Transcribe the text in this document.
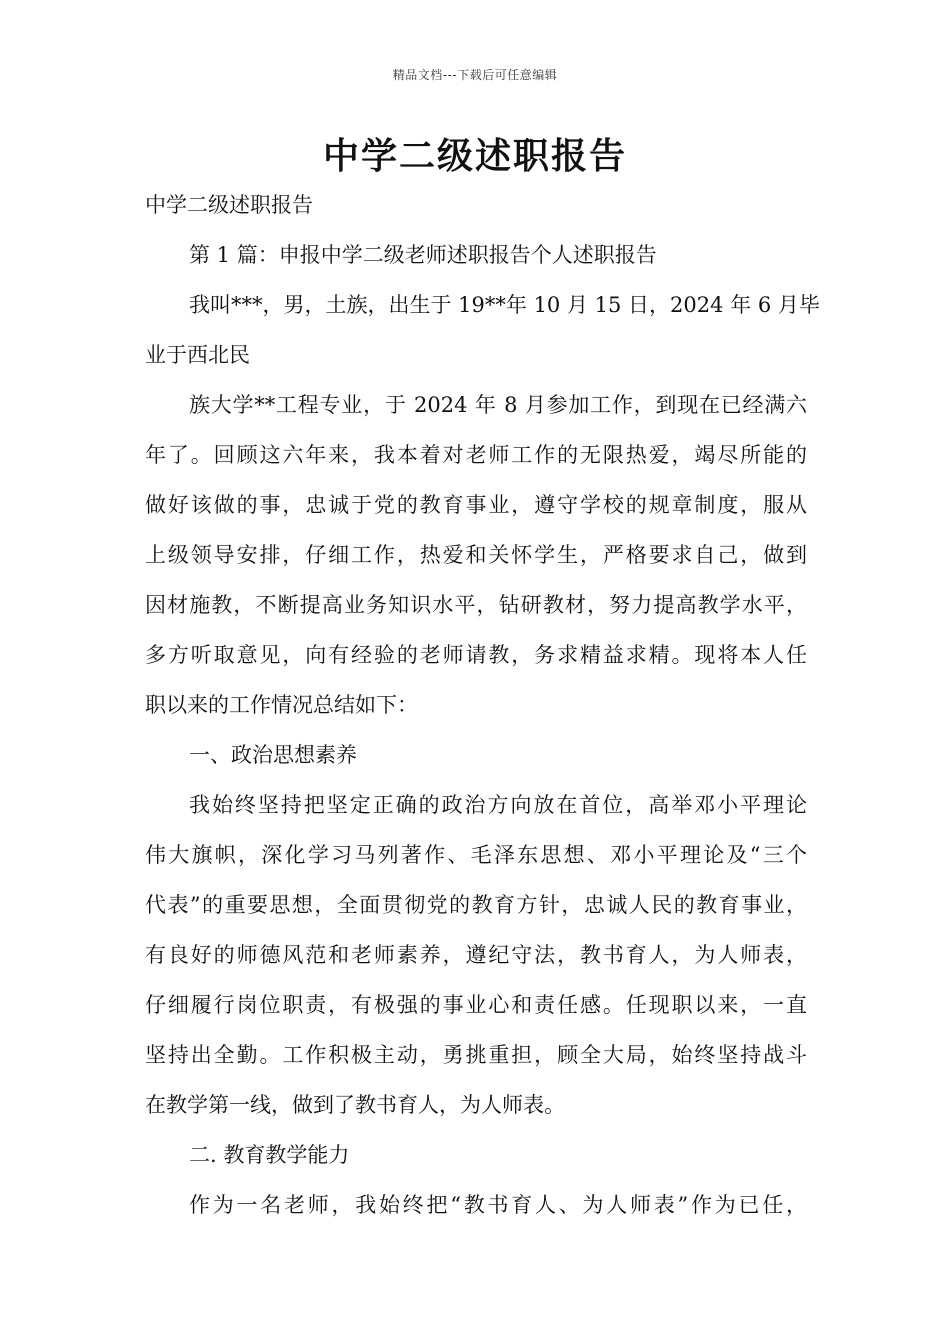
精品文档---下载后可任意编辑
中学二级述职报告
中学二级述职报告
第 1 篇：申报中学二级老师述职报告个人述职报告
我叫***，男，土族，出生于 19**年 10 月 15 日，2024 年 6 月毕
业于西北民
族大学**工程专业，于 2024 年 8 月参加工作，到现在已经满六
年了。回顾这六年来，我本着对老师工作的无限热爱，竭尽所能的
做好该做的事，忠诚于党的教育事业，遵守学校的规章制度，服从
上级领导安排，仔细工作，热爱和关怀学生，严格要求自己，做到
因材施教，不断提高业务知识水平，钻研教材，努力提高教学水平，
多方听取意见，向有经验的老师请教，务求精益求精。现将本人任
职以来的工作情况总结如下：
一、政治思想素养
我始终坚持把坚定正确的政治方向放在首位，高举邓小平理论
伟大旗帜，深化学习马列著作、毛泽东思想、邓小平理论及“三个
代表”的重要思想，全面贯彻党的教育方针，忠诚人民的教育事业，
有良好的师德风范和老师素养，遵纪守法，教书育人，为人师表，
仔细履行岗位职责，有极强的事业心和责任感。任现职以来，一直
坚持出全勤。工作积极主动，勇挑重担，顾全大局，始终坚持战斗
在教学第一线，做到了教书育人，为人师表。
二. 教育教学能力
作为一名老师，我始终把“教书育人、为人师表”作为已任，
